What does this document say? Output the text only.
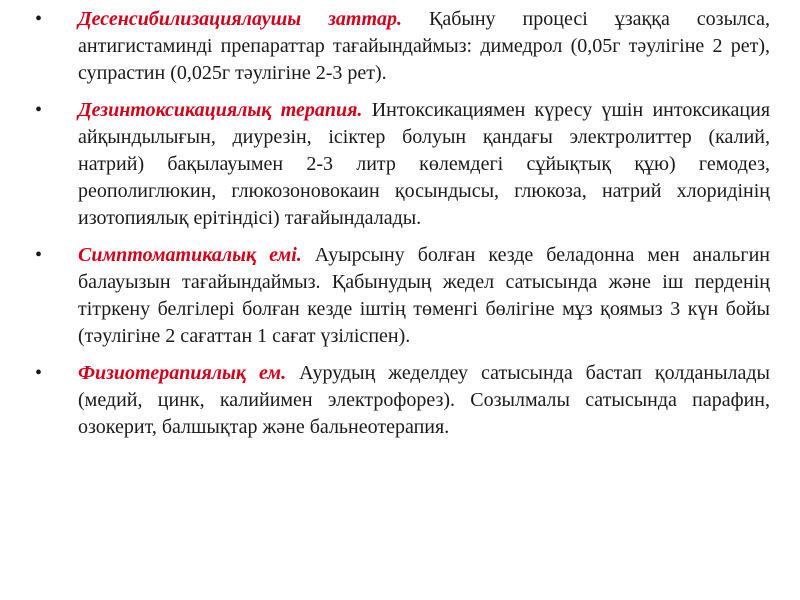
• Десенсибилизациялаушы заттар. Қабыну процесі ұзаққа созылса, антигистаминді препараттар тағайындаймыз: димедрол (0,05г тәулігіне 2 рет), супрастин (0,025г тәулігіне 2-3 рет).
• Дезинтоксикациялық терапия. Интоксикациямен күресу үшін интоксикация айқындылығын, диурезін, ісіктер болуын қандағы электролиттер (калий, натрий) бақылауымен 2-3 литр көлемдегі сұйықтық құю) гемодез, реополиглюкин, глюкозоновокаин қосындысы, глюкоза, натрий хлоридінің изотопиялық ерітіндісі) тағайындалады.
• Симптоматикалық емі. Ауырсыну болған кезде беладонна мен анальгин балауызын тағайындаймыз. Қабынудың жедел сатысында және іш перденің тітркену белгілері болған кезде іштің төменгі бөлігіне мұз қоямыз 3 күн бойы (тәулігіне 2 сағаттан 1 сағат үзіліспен).
• Физиотерапиялық ем. Аурудың жеделдеу сатысында бастап қолданылады (медий, цинк, калийимен электрофорез). Созылмалы сатысында парафин, озокерит, балшықтар және бальнеотерапия.
